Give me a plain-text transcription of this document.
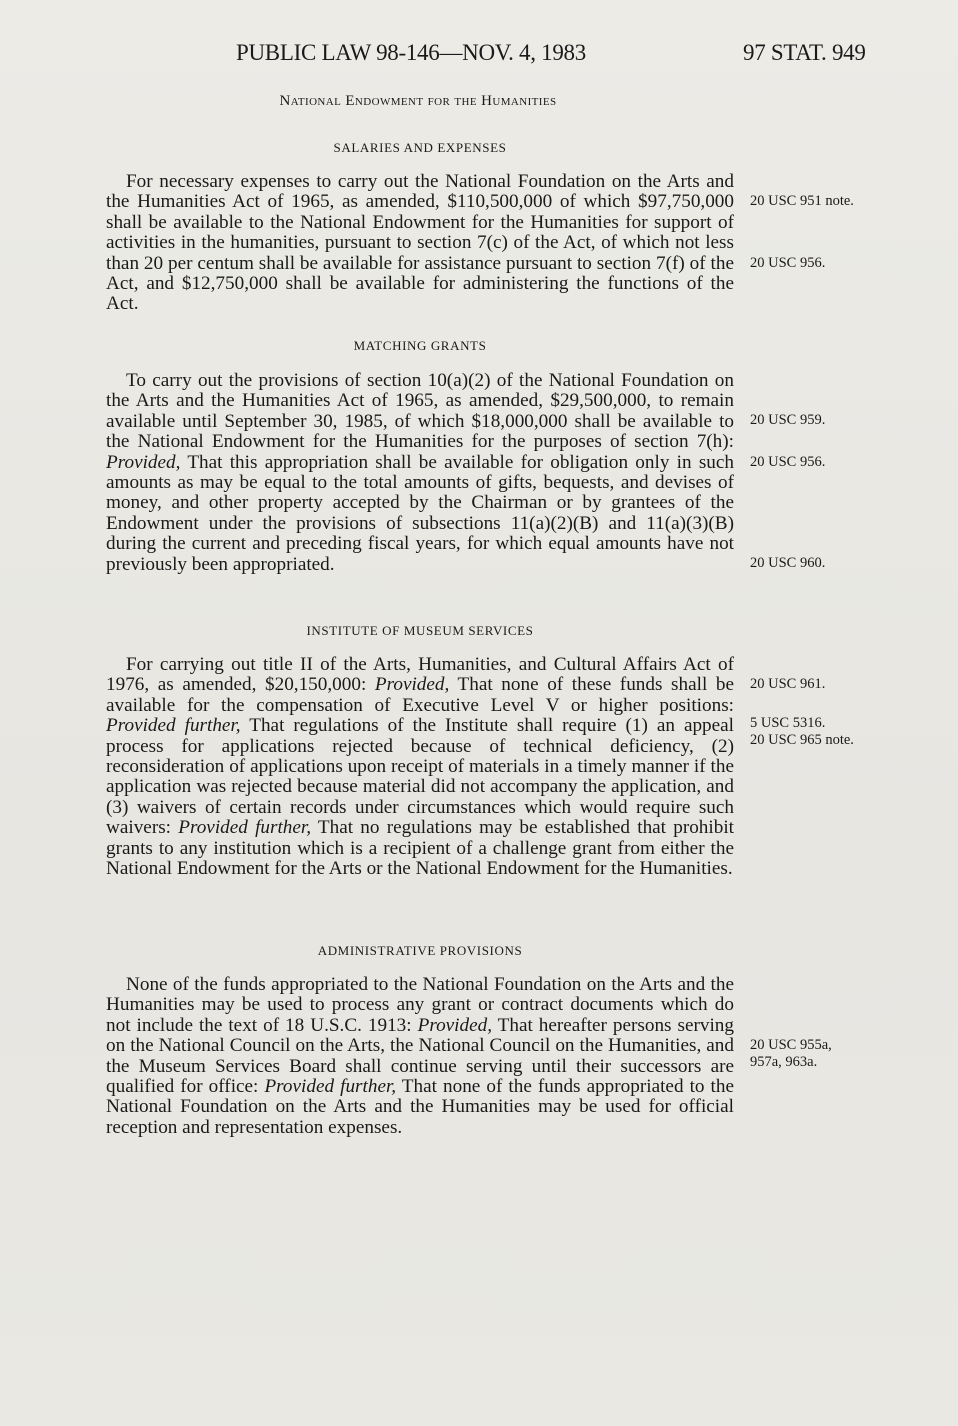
PUBLIC LAW 98-146—NOV. 4, 1983	97 STAT. 949
National Endowment for the Humanities
SALARIES AND EXPENSES

For necessary expenses to carry out the National Foundation on the Arts and the Humanities Act of 1965, as amended, $110,500,000 of which $97,750,000 shall be available to the National Endowment for the Humanities for support of activities in the humanities, pursuant to section 7(c) of the Act, of which not less than 20 per centum shall be available for assistance pursuant to section 7(f) of the Act, and $12,750,000 shall be available for administering the functions of the Act.

MATCHING GRANTS

To carry out the provisions of section 10(a)(2) of the National Foundation on the Arts and the Humanities Act of 1965, as amended, $29,500,000, to remain available until September 30, 1985, of which $18,000,000 shall be available to the National Endowment for the Humanities for the purposes of section 7(h): Provided, That this appropriation shall be available for obligation only in such amounts as may be equal to the total amounts of gifts, bequests, and devises of money, and other property accepted by the Chairman or by grantees of the Endowment under the provisions of subsections 11(a)(2)(B) and 11(a)(3)(B) during the current and preceding fiscal years, for which equal amounts have not previously been appropriated.

INSTITUTE OF MUSEUM SERVICES

For carrying out title II of the Arts, Humanities, and Cultural Affairs Act of 1976, as amended, $20,150,000: Provided, That none of these funds shall be available for the compensation of Executive Level V or higher positions: Provided further, That regulations of the Institute shall require (1) an appeal process for applications rejected because of technical deficiency, (2) reconsideration of applications upon receipt of materials in a timely manner if the application was rejected because material did not accompany the application, and (3) waivers of certain records under circumstances which would require such waivers: Provided further, That no regulations may be established that prohibit grants to any institution which is a recipient of a challenge grant from either the National Endowment for the Arts or the National Endowment for the Humanities.

ADMINISTRATIVE PROVISIONS

None of the funds appropriated to the National Foundation on the Arts and the Humanities may be used to process any grant or contract documents which do not include the text of 18 U.S.C. 1913: Provided, That hereafter persons serving on the National Council on the Arts, the National Council on the Humanities, and the Museum Services Board shall continue serving until their successors are qualified for office: Provided further, That none of the funds appropriated to the National Foundation on the Arts and the Humanities may be used for official reception and representation expenses.

20 USC 951 note.
20 USC 956.
20 USC 959.
20 USC 956.
20 USC 960.
20 USC 961.
5 USC 5316.
20 USC 965 note.
20 USC 955a,
957a, 963a.
